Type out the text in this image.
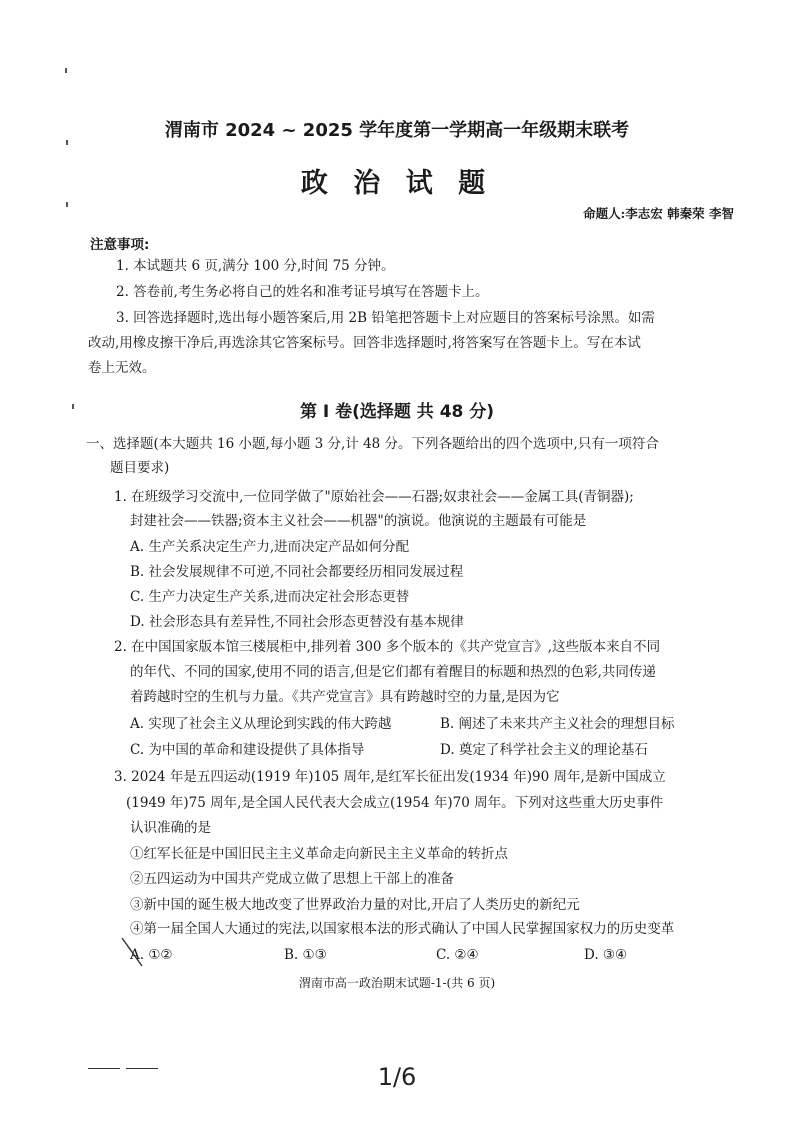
渭南市 2024 ~ 2025 学年度第一学期高一年级期末联考
政 治 试 题
命题人:李志宏 韩秦荣 李智
注意事项:
1. 本试题共 6 页,满分 100 分,时间 75 分钟。
2. 答卷前,考生务必将自己的姓名和准考证号填写在答题卡上。
3. 回答选择题时,选出每小题答案后,用 2B 铅笔把答题卡上对应题目的答案标号涂黑。如需
改动,用橡皮擦干净后,再选涂其它答案标号。回答非选择题时,将答案写在答题卡上。写在本试
卷上无效。
第 I 卷(选择题 共 48 分)
一、选择题(本大题共 16 小题,每小题 3 分,计 48 分。下列各题给出的四个选项中,只有一项符合
题目要求)
1. 在班级学习交流中,一位同学做了"原始社会——石器;奴隶社会——金属工具(青铜器);
封建社会——铁器;资本主义社会——机器"的演说。他演说的主题最有可能是
A. 生产关系决定生产力,进而决定产品如何分配
B. 社会发展规律不可逆,不同社会都要经历相同发展过程
C. 生产力决定生产关系,进而决定社会形态更替
D. 社会形态具有差异性,不同社会形态更替没有基本规律
2. 在中国国家版本馆三楼展柜中,排列着 300 多个版本的《共产党宣言》,这些版本来自不同
的年代、不同的国家,使用不同的语言,但是它们都有着醒目的标题和热烈的色彩,共同传递
着跨越时空的生机与力量。《共产党宣言》具有跨越时空的力量,是因为它
A. 实现了社会主义从理论到实践的伟大跨越	B. 阐述了未来共产主义社会的理想目标
C. 为中国的革命和建设提供了具体指导	D. 奠定了科学社会主义的理论基石
3. 2024 年是五四运动(1919 年)105 周年,是红军长征出发(1934 年)90 周年,是新中国成立
(1949 年)75 周年,是全国人民代表大会成立(1954 年)70 周年。下列对这些重大历史事件
认识准确的是
①红军长征是中国旧民主主义革命走向新民主主义革命的转折点
②五四运动为中国共产党成立做了思想上干部上的准备
③新中国的诞生极大地改变了世界政治力量的对比,开启了人类历史的新纪元
④第一届全国人大通过的宪法,以国家根本法的形式确认了中国人民掌握国家权力的历史变革
A. ①②	B. ①③	C. ②④	D. ③④
渭南市高一政治期末试题-1-(共 6 页)
1/6
